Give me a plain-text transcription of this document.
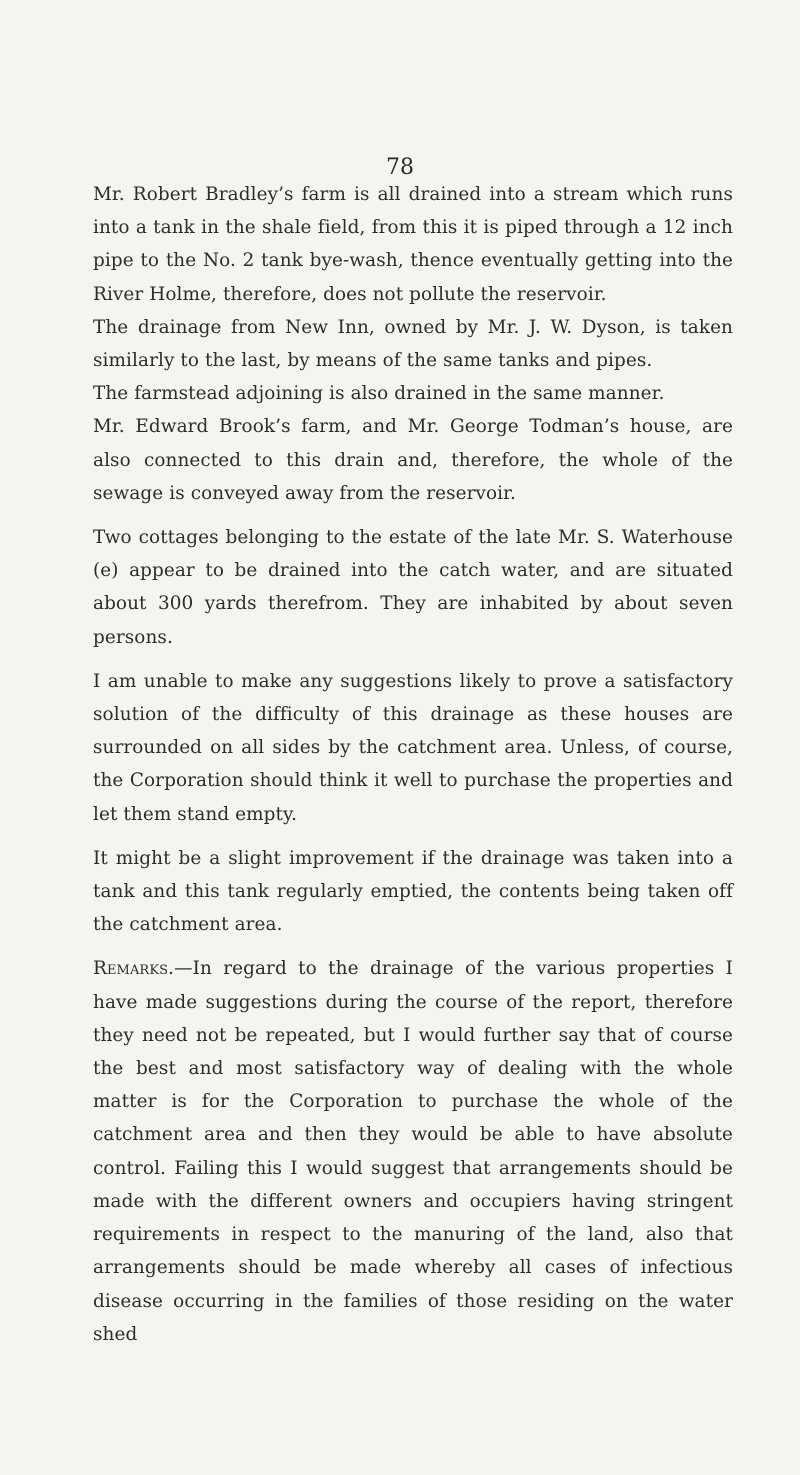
78

Mr. Robert Bradley’s farm is all drained into a stream which runs into a tank in the shale field, from this it is piped through a 12 inch pipe to the No. 2 tank bye-wash, thence eventually getting into the River Holme, therefore, does not pollute the reservoir.

The drainage from New Inn, owned by Mr. J. W. Dyson, is taken similarly to the last, by means of the same tanks and pipes.

The farmstead adjoining is also drained in the same manner.

Mr. Edward Brook’s farm, and Mr. George Todman’s house, are also connected to this drain and, therefore, the whole of the sewage is conveyed away from the reservoir.

Two cottages belonging to the estate of the late Mr. S. Waterhouse (e) appear to be drained into the catch water, and are situated about 300 yards therefrom. They are inhabited by about seven persons.

I am unable to make any suggestions likely to prove a satisfactory solution of the difficulty of this drainage as these houses are surrounded on all sides by the catchment area. Unless, of course, the Corporation should think it well to purchase the properties and let them stand empty.

It might be a slight improvement if the drainage was taken into a tank and this tank regularly emptied, the contents being taken off the catchment area.

Remarks.—In regard to the drainage of the various properties I have made suggestions during the course of the report, therefore they need not be repeated, but I would further say that of course the best and most satisfactory way of dealing with the whole matter is for the Corporation to purchase the whole of the catchment area and then they would be able to have absolute control. Failing this I would suggest that arrangements should be made with the different owners and occupiers having stringent requirements in respect to the manuring of the land, also that arrangements should be made whereby all cases of infectious disease occurring in the families of those residing on the water shed
